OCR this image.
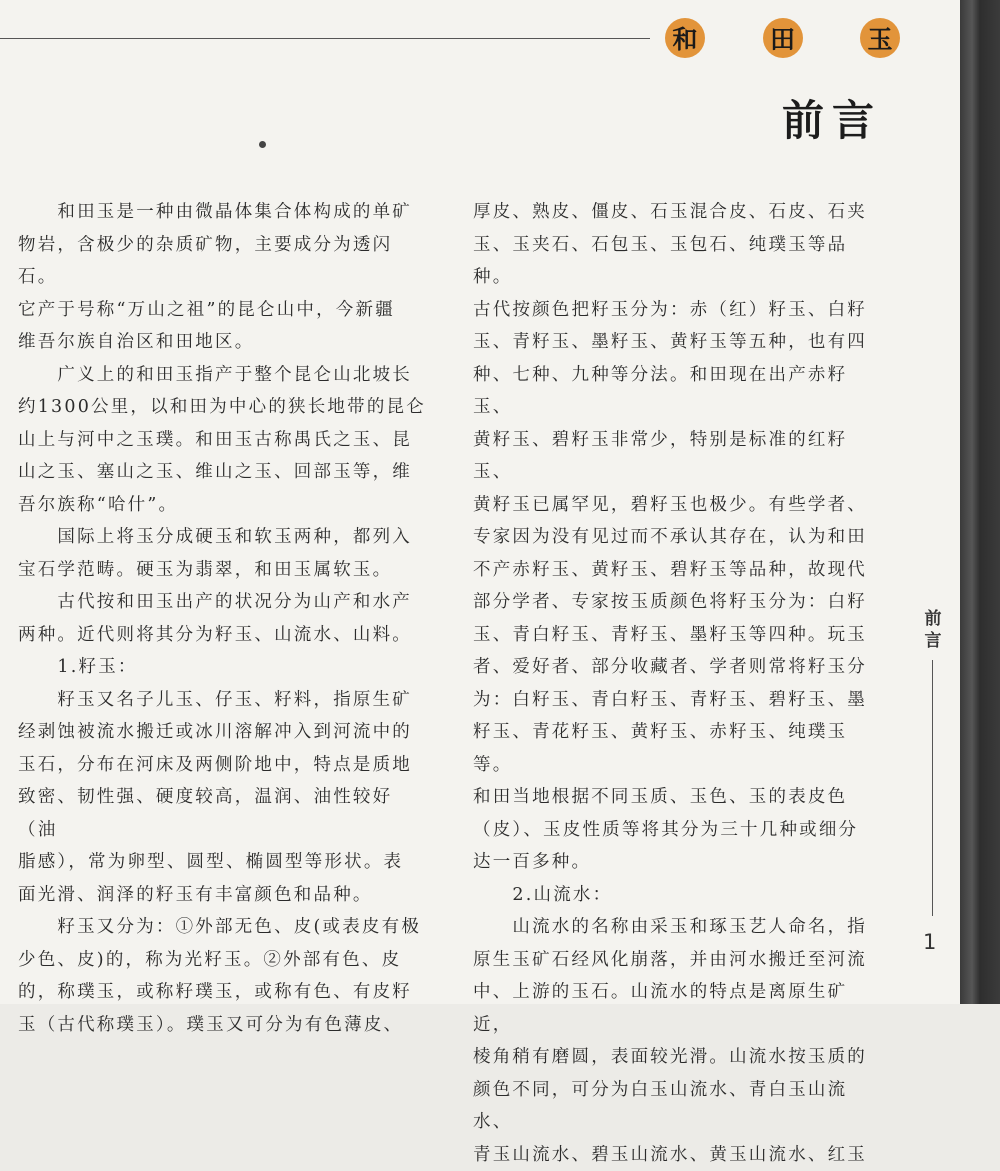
和	田	玉
前言

　　和田玉是一种由微晶体集合体构成的单矿

物岩，含极少的杂质矿物，主要成分为透闪石。

它产于号称“万山之祖”的昆仑山中，今新疆

维吾尔族自治区和田地区。

　　广义上的和田玉指产于整个昆仑山北坡长

约1300公里，以和田为中心的狭长地带的昆仑

山上与河中之玉璞。和田玉古称禺氏之玉、昆

山之玉、塞山之玉、维山之玉、回部玉等，维

吾尔族称“哈什”。

　　国际上将玉分成硬玉和软玉两种，都列入

宝石学范畴。硬玉为翡翠，和田玉属软玉。

　　古代按和田玉出产的状况分为山产和水产

两种。近代则将其分为籽玉、山流水、山料。

　　1.籽玉：

　　籽玉又名子儿玉、仔玉、籽料，指原生矿

经剥蚀被流水搬迁或冰川溶解冲入到河流中的

玉石，分布在河床及两侧阶地中，特点是质地

致密、韧性强、硬度较高，温润、油性较好（油

脂感），常为卵型、圆型、椭圆型等形状。表

面光滑、润泽的籽玉有丰富颜色和品种。

　　籽玉又分为：①外部无色、皮(或表皮有极

少色、皮)的，称为光籽玉。②外部有色、皮

的，称璞玉，或称籽璞玉，或称有色、有皮籽

玉（古代称璞玉）。璞玉又可分为有色薄皮、

厚皮、熟皮、僵皮、石玉混合皮、石皮、石夹

玉、玉夹石、石包玉、玉包石、纯璞玉等品种。

古代按颜色把籽玉分为：赤（红）籽玉、白籽

玉、青籽玉、墨籽玉、黄籽玉等五种，也有四

种、七种、九种等分法。和田现在出产赤籽玉、

黄籽玉、碧籽玉非常少，特别是标准的红籽玉、

黄籽玉已属罕见，碧籽玉也极少。有些学者、

专家因为没有见过而不承认其存在，认为和田

不产赤籽玉、黄籽玉、碧籽玉等品种，故现代

部分学者、专家按玉质颜色将籽玉分为：白籽

玉、青白籽玉、青籽玉、墨籽玉等四种。玩玉

者、爱好者、部分收藏者、学者则常将籽玉分

为：白籽玉、青白籽玉、青籽玉、碧籽玉、墨

籽玉、青花籽玉、黄籽玉、赤籽玉、纯璞玉等。

和田当地根据不同玉质、玉色、玉的表皮色

（皮）、玉皮性质等将其分为三十几种或细分

达一百多种。

　　2.山流水：

　　山流水的名称由采玉和琢玉艺人命名，指

原生玉矿石经风化崩落，并由河水搬迁至河流

中、上游的玉石。山流水的特点是离原生矿近，

棱角稍有磨圆，表面较光滑。山流水按玉质的

颜色不同，可分为白玉山流水、青白玉山流水、

青玉山流水、碧玉山流水、黄玉山流水、红玉

前
言
1
